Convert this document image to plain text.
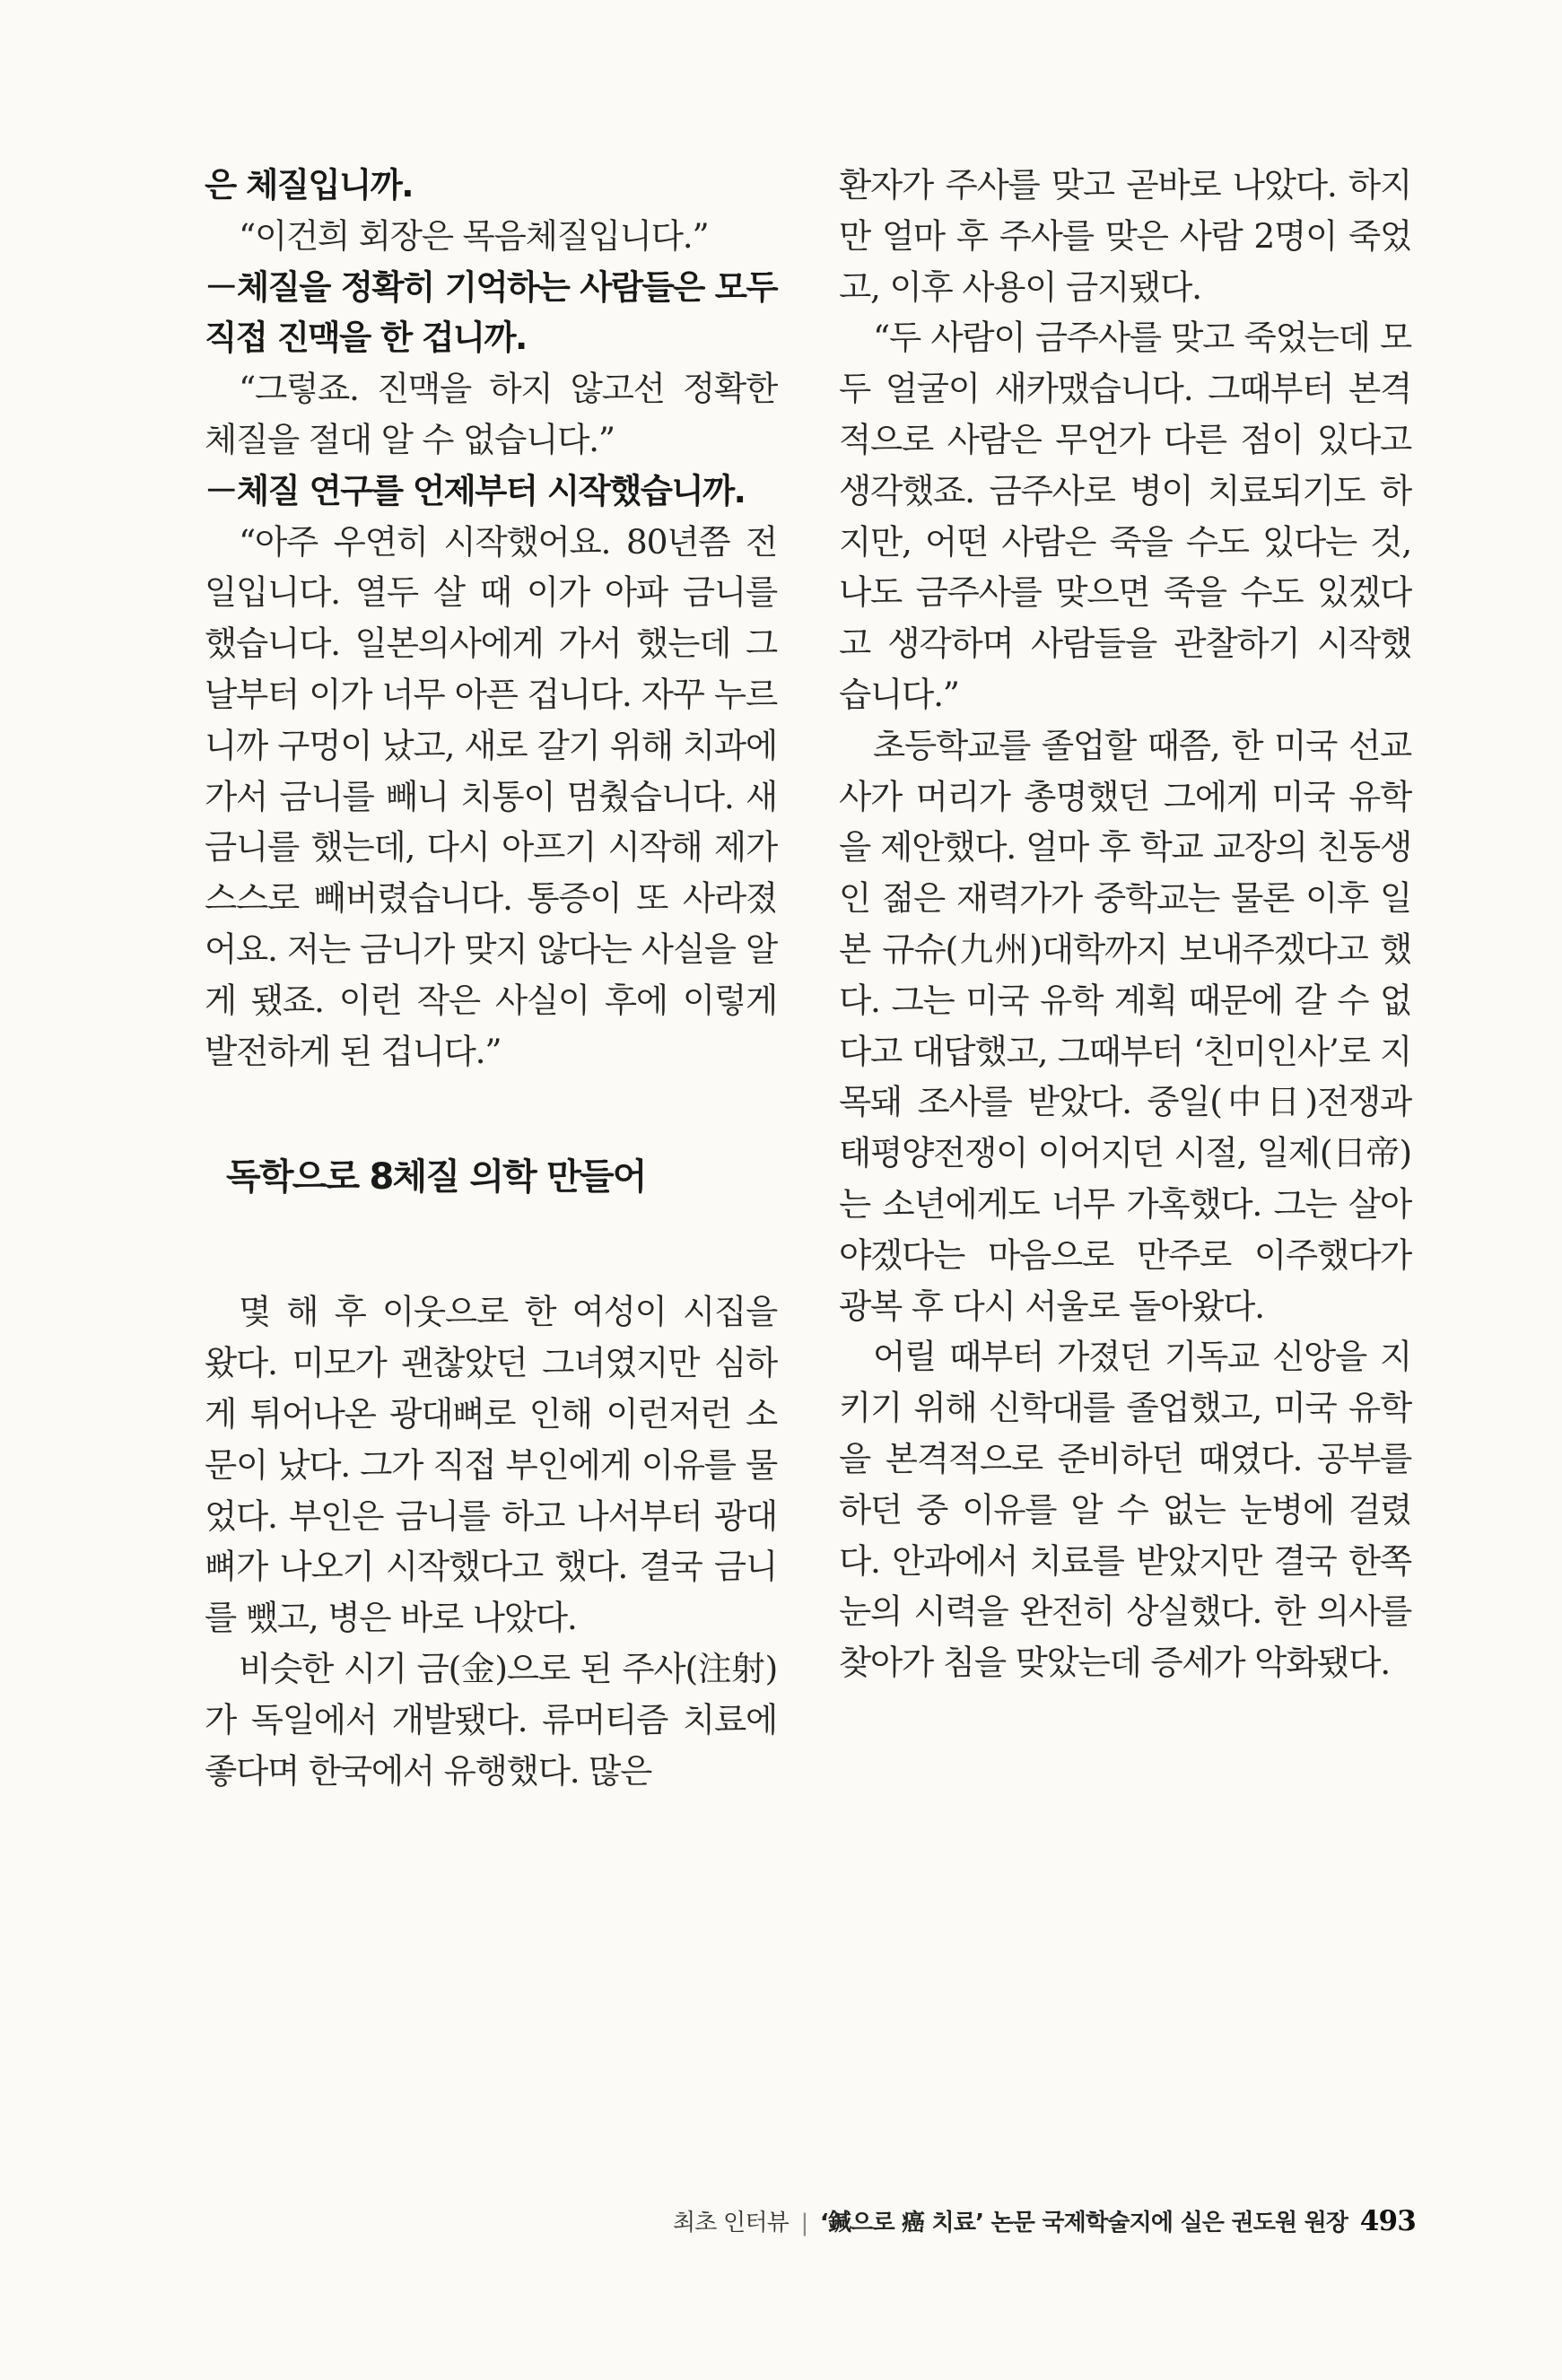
은 체질입니까.

“이건희 회장은 목음체질입니다.”

－체질을 정확히 기억하는 사람들은 모두 직접 진맥을 한 겁니까.

“그렇죠. 진맥을 하지 않고선 정확한 체질을 절대 알 수 없습니다.”

－체질 연구를 언제부터 시작했습니까.

“아주 우연히 시작했어요. 80년쯤 전 일입니다. 열두 살 때 이가 아파 금니를 했습니다. 일본의사에게 가서 했는데 그날부터 이가 너무 아픈 겁니다. 자꾸 누르니까 구멍이 났고, 새로 갈기 위해 치과에 가서 금니를 빼니 치통이 멈췄습니다. 새 금니를 했는데, 다시 아프기 시작해 제가 스스로 빼버렸습니다. 통증이 또 사라졌어요. 저는 금니가 맞지 않다는 사실을 알게 됐죠. 이런 작은 사실이 후에 이렇게 발전하게 된 겁니다.”

독학으로 8체질 의학 만들어

몇 해 후 이웃으로 한 여성이 시집을 왔다. 미모가 괜찮았던 그녀였지만 심하게 튀어나온 광대뼈로 인해 이런저런 소문이 났다. 그가 직접 부인에게 이유를 물었다. 부인은 금니를 하고 나서부터 광대뼈가 나오기 시작했다고 했다. 결국 금니를 뺐고, 병은 바로 나았다.

비슷한 시기 금(金)으로 된 주사(注射)가 독일에서 개발됐다. 류머티즘 치료에 좋다며 한국에서 유행했다. 많은

환자가 주사를 맞고 곧바로 나았다. 하지만 얼마 후 주사를 맞은 사람 2명이 죽었고, 이후 사용이 금지됐다.

“두 사람이 금주사를 맞고 죽었는데 모두 얼굴이 새카맸습니다. 그때부터 본격적으로 사람은 무언가 다른 점이 있다고 생각했죠. 금주사로 병이 치료되기도 하지만, 어떤 사람은 죽을 수도 있다는 것, 나도 금주사를 맞으면 죽을 수도 있겠다고 생각하며 사람들을 관찰하기 시작했습니다.”

초등학교를 졸업할 때쯤, 한 미국 선교사가 머리가 총명했던 그에게 미국 유학을 제안했다. 얼마 후 학교 교장의 친동생인 젊은 재력가가 중학교는 물론 이후 일본 규슈(九州)대학까지 보내주겠다고 했다. 그는 미국 유학 계획 때문에 갈 수 없다고 대답했고, 그때부터 ‘친미인사’로 지목돼 조사를 받았다. 중일(中日)전쟁과 태평양전쟁이 이어지던 시절, 일제(日帝)는 소년에게도 너무 가혹했다. 그는 살아야겠다는 마음으로 만주로 이주했다가 광복 후 다시 서울로 돌아왔다.

어릴 때부터 가졌던 기독교 신앙을 지키기 위해 신학대를 졸업했고, 미국 유학을 본격적으로 준비하던 때였다. 공부를 하던 중 이유를 알 수 없는 눈병에 걸렸다. 안과에서 치료를 받았지만 결국 한쪽 눈의 시력을 완전히 상실했다. 한 의사를 찾아가 침을 맞았는데 증세가 악화됐다.

최초 인터뷰 | ‘鍼으로 癌 치료’ 논문 국제학술지에 실은 권도원 원장 493
